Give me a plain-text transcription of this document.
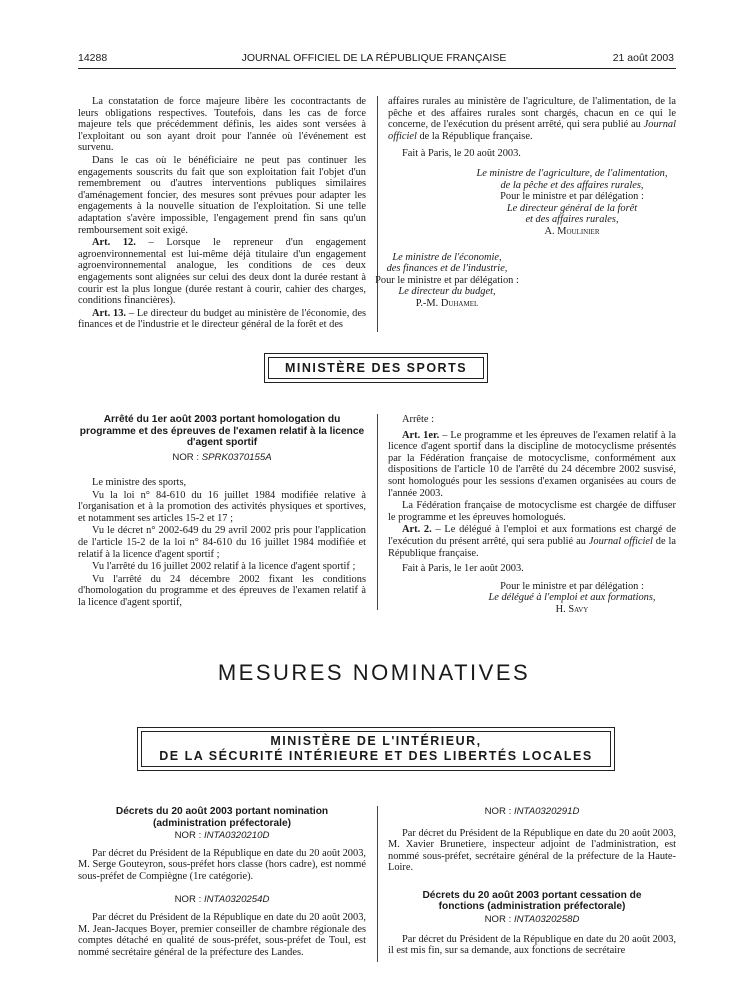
14288	JOURNAL OFFICIEL DE LA RÉPUBLIQUE FRANÇAISE	21 août 2003

La constatation de force majeure libère les cocontractants de leurs obligations respectives. Toutefois, dans les cas de force majeure tels que précédemment définis, les aides sont versées à l'exploitant ou son ayant droit pour l'année où l'événement est survenu.

Dans le cas où le bénéficiaire ne peut pas continuer les engagements souscrits du fait que son exploitation fait l'objet d'un remembrement ou d'autres interventions publiques similaires d'aménagement foncier, des mesures sont prévues pour adapter les engagements à la nouvelle situation de l'exploitation. Si une telle adaptation s'avère impossible, l'engagement prend fin sans qu'un remboursement soit exigé.

Art. 12. – Lorsque le repreneur d'un engagement agroenvironnemental est lui-même déjà titulaire d'un engagement agroenvironnemental analogue, les conditions de ces deux engagements sont alignées sur celui des deux dont la durée restant à courir est la plus longue (durée restant à courir, cahier des charges, conditions financières).

Art. 13. – Le directeur du budget au ministère de l'économie, des finances et de l'industrie et le directeur général de la forêt et des

affaires rurales au ministère de l'agriculture, de l'alimentation, de la pêche et des affaires rurales sont chargés, chacun en ce qui le concerne, de l'exécution du présent arrêté, qui sera publié au Journal officiel de la République française.

Fait à Paris, le 20 août 2003.

Le ministre de l'agriculture, de l'alimentation,

de la pêche et des affaires rurales,

Pour le ministre et par délégation :

Le directeur général de la forêt

et des affaires rurales,

A. Moulinier

Le ministre de l'économie,

des finances et de l'industrie,

Pour le ministre et par délégation :

Le directeur du budget,

P.-M. Duhamel

MINISTÈRE DES SPORTS
Arrêté du 1er août 2003 portant homologation du programme et des épreuves de l'examen relatif à la licence d'agent sportif
NOR : SPRK0370155A

Le ministre des sports,

Vu la loi n° 84-610 du 16 juillet 1984 modifiée relative à l'organisation et à la promotion des activités physiques et sportives, et notamment ses articles 15-2 et 17 ;

Vu le décret n° 2002-649 du 29 avril 2002 pris pour l'application de l'article 15-2 de la loi n° 84-610 du 16 juillet 1984 modifiée et relatif à la licence d'agent sportif ;

Vu l'arrêté du 16 juillet 2002 relatif à la licence d'agent sportif ;

Vu l'arrêté du 24 décembre 2002 fixant les conditions d'homologation du programme et des épreuves de l'examen relatif à la licence d'agent sportif,

Arrête :

Art. 1er. – Le programme et les épreuves de l'examen relatif à la licence d'agent sportif dans la discipline de motocyclisme présentés par la Fédération française de motocyclisme, conformément aux dispositions de l'article 10 de l'arrêté du 24 décembre 2002 susvisé, sont homologués pour les sessions d'examen organisées au cours de l'année 2003.

La Fédération française de motocyclisme est chargée de diffuser le programme et les épreuves homologués.

Art. 2. – Le délégué à l'emploi et aux formations est chargé de l'exécution du présent arrêté, qui sera publié au Journal officiel de la République française.

Fait à Paris, le 1er août 2003.

Pour le ministre et par délégation :

Le délégué à l'emploi et aux formations,

H. Savy

MESURES NOMINATIVES
MINISTÈRE DE L'INTÉRIEUR,
DE LA SÉCURITÉ INTÉRIEURE ET DES LIBERTÉS LOCALES
Décrets du 20 août 2003 portant nomination (administration préfectorale)
NOR : INTA0320210D

Par décret du Président de la République en date du 20 août 2003, M. Serge Gouteyron, sous-préfet hors classe (hors cadre), est nommé sous-préfet de Compiègne (1re catégorie).

NOR : INTA0320254D

Par décret du Président de la République en date du 20 août 2003, M. Jean-Jacques Boyer, premier conseiller de chambre régionale des comptes détaché en qualité de sous-préfet, sous-préfet de Toul, est nommé secrétaire général de la préfecture des Landes.

NOR : INTA0320291D

Par décret du Président de la République en date du 20 août 2003, M. Xavier Brunetiere, inspecteur adjoint de l'administration, est nommé sous-préfet, secrétaire général de la préfecture de la Haute-Loire.

Décrets du 20 août 2003 portant cessation de fonctions (administration préfectorale)
NOR : INTA0320258D

Par décret du Président de la République en date du 20 août 2003, il est mis fin, sur sa demande, aux fonctions de secrétaire
